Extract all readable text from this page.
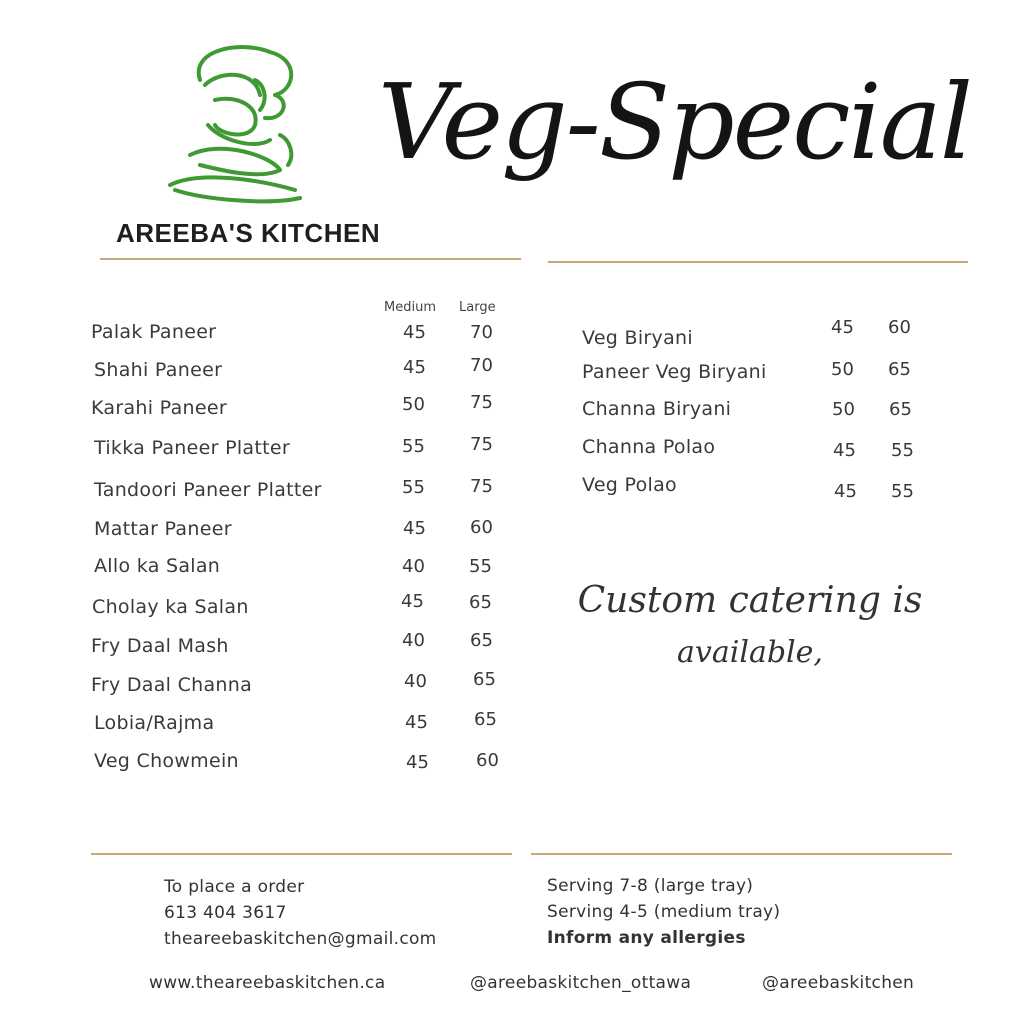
AREEBA'S KITCHEN
Veg-Special
Medium Large
Palak Paneer	45 70
Shahi Paneer	45 70
Karahi Paneer	50	75
Tikka Paneer Platter	55	75
Tandoori Paneer Platter	55	75
Mattar Paneer	45 60
Allo ka Salan	40 55
Cholay ka Salan	45	65
Fry Daal Mash	40	65
Fry Daal Channa	40	65
Lobia/Rajma	45	65
Veg Chowmein	45	60
Veg Biryani	45 60
Paneer Veg Biryani	50 65
Channa Biryani	50 65
Channa Polao	45 55
Veg Polao	45 55
Custom catering is
available,
To place a order
613 404 3617
theareebaskitchen@gmail.com
Serving 7-8 (large tray)
Serving 4-5 (medium tray)
Inform any allergies
www.theareebaskitchen.ca	@areebaskitchen_ottawa	@areebaskitchen
